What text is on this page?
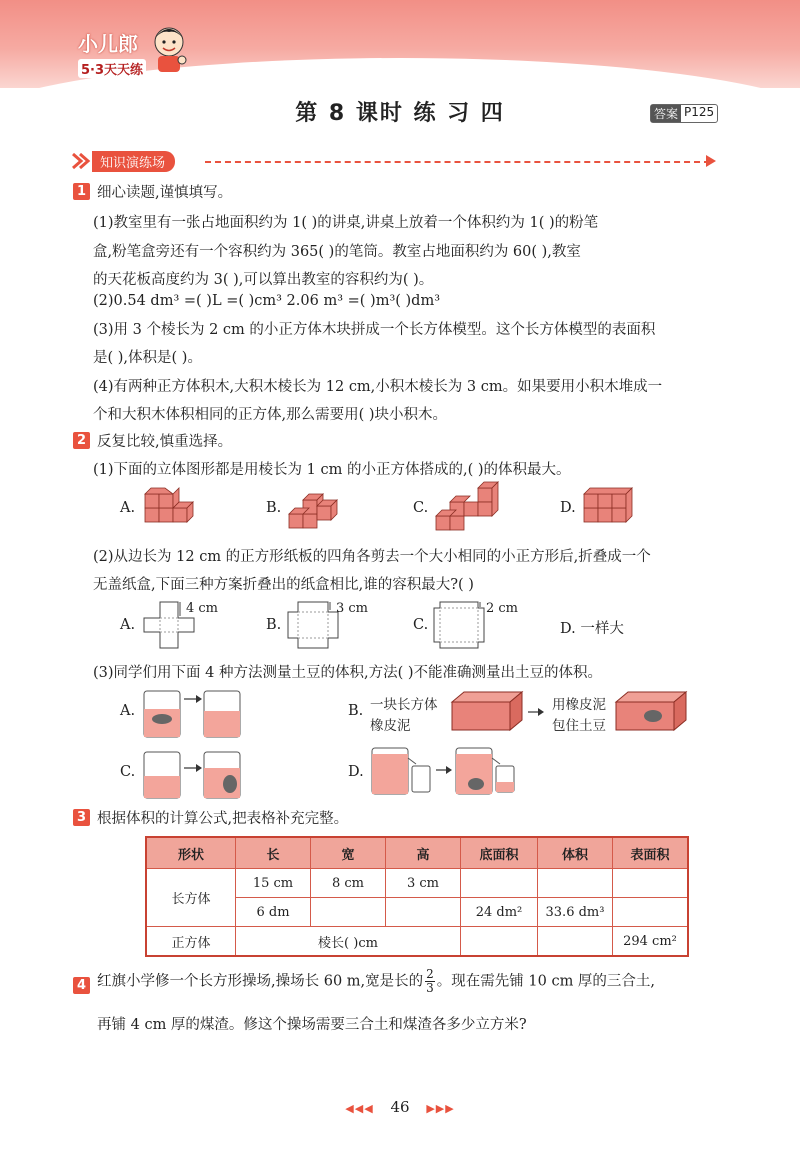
小儿郎
5·3天天练
第 8 课时 练 习 四	答案 P125
知识演练场
1 细心读题,谨慎填写。
(1)教室里有一张占地面积约为 1( )的讲桌,讲桌上放着一个体积约为 1( )的粉笔
盒,粉笔盒旁还有一个容积约为 365( )的笔筒。教室占地面积约为 60( ),教室
的天花板高度约为 3( ),可以算出教室的容积约为( )。
(2)0.54 dm³ =( )L =( )cm³ 2.06 m³ =( )m³( )dm³
(3)用 3 个棱长为 2 cm 的小正方体木块拼成一个长方体模型。这个长方体模型的表面积
是( ),体积是( )。
(4)有两种正方体积木,大积木棱长为 12 cm,小积木棱长为 3 cm。如果要用小积木堆成一
个和大积木体积相同的正方体,那么需要用( )块小积木。
2 反复比较,慎重选择。
(1)下面的立体图形都是用棱长为 1 cm 的小正方体搭成的,( )的体积最大。
A.	B.	C.	D.
(2)从边长为 12 cm 的正方形纸板的四角各剪去一个大小相同的小正方形后,折叠成一个
无盖纸盒,下面三种方案折叠出的纸盒相比,谁的容积最大?( )
A.	B.	C.	D. 一样大
4 cm	3 cm	2 cm
(3)同学们用下面 4 种方法测量土豆的体积,方法( )不能准确测量出土豆的体积。
A.	B. 一块长方体
橡皮泥
用橡皮泥
包住土豆
C.	D.
3 根据体积的计算公式,把表格补充完整。
形状	长	宽	高	底面积	体积	表面积
长方体	15 cm	8 cm	3 cm			
	6 dm			24 dm²	33.6 dm³	
正方体	棱长( )cm					294 cm²
4 红旗小学修一个长方形操场,操场长 60 m,宽是长的 $\frac{2}{3}$ 。现在需先铺 10 cm 厚的三合土,
再铺 4 cm 厚的煤渣。修这个操场需要三合土和煤渣各多少立方米?
◀◀◀ 46 ▶▶▶
